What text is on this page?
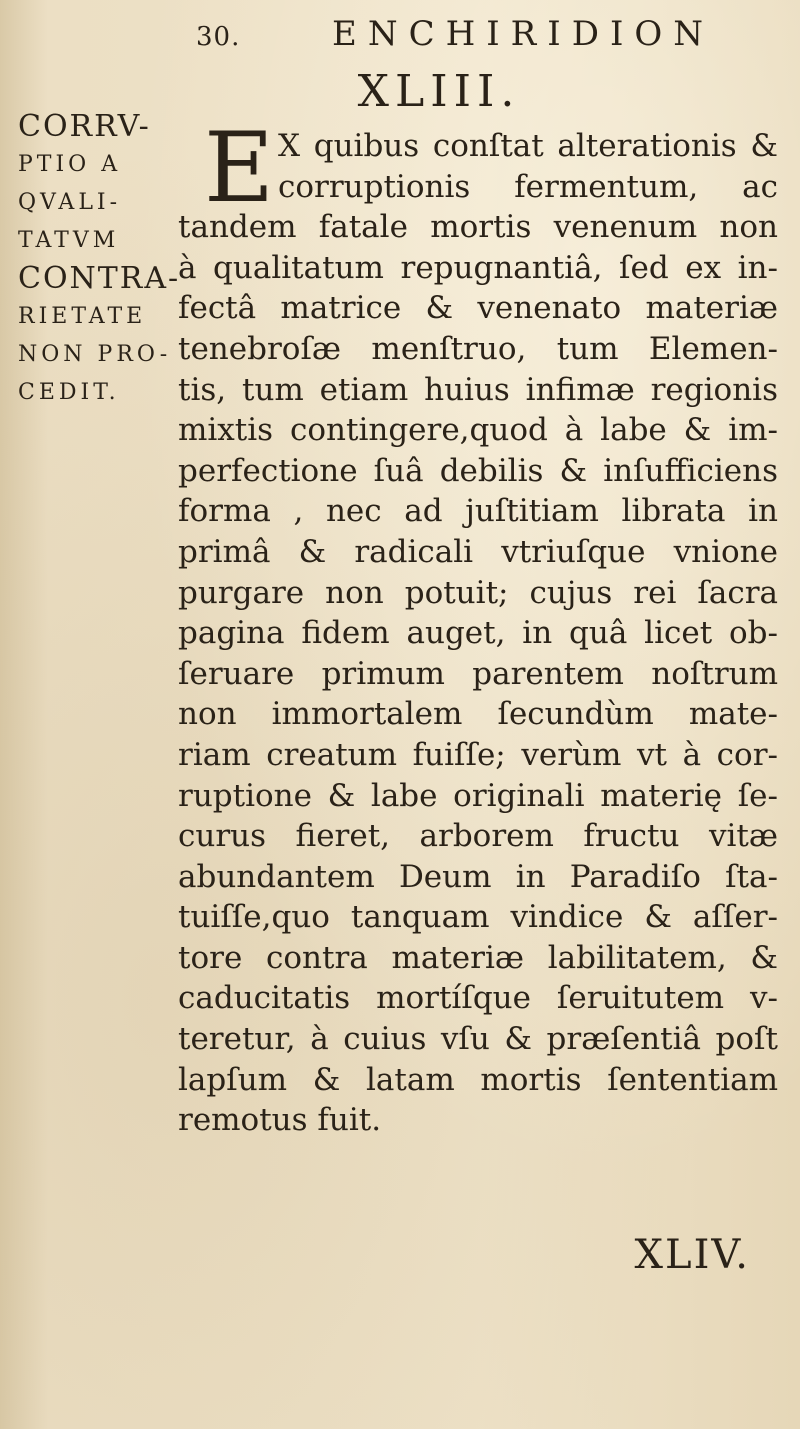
30.	ENCHIRIDION
XLIII.
CORRV-
PTIO A
QVALI-
TATVM
CONTRA-
RIETATE
NON PRO-
CEDIT.
E X quibus conſtat alterationis &
corruptionis fermentum, ac
tandem fatale mortis venenum non
à qualitatum repugnantiâ, ſed ex in-
fectâ matrice & venenato materiæ
tenebroſæ menſtruo, tum Elemen-
tis, tum etiam huius infimæ regionis
mixtis contingere,quod à labe & im-
perfectione ſuâ debilis & inſufficiens
forma , nec ad juſtitiam librata in
primâ & radicali vtriuſque vnione
purgare non potuit; cujus rei ſacra
pagina fidem auget, in quâ licet ob-
ſeruare primum parentem noſtrum
non immortalem ſecundùm mate-
riam creatum fuiſſe; verùm vt à cor-
ruptione & labe originali materię ſe-
curus fieret, arborem fructu vitæ
abundantem Deum in Paradiſo ſta-
tuiſſe,quo tanquam vindice & aſſer-
tore contra materiæ labilitatem, &
caducitatis mortíſque ſeruitutem v-
teretur, à cuius vſu & præſentiâ poſt
lapſum & latam mortis ſententiam
remotus fuit.
XLIV.
